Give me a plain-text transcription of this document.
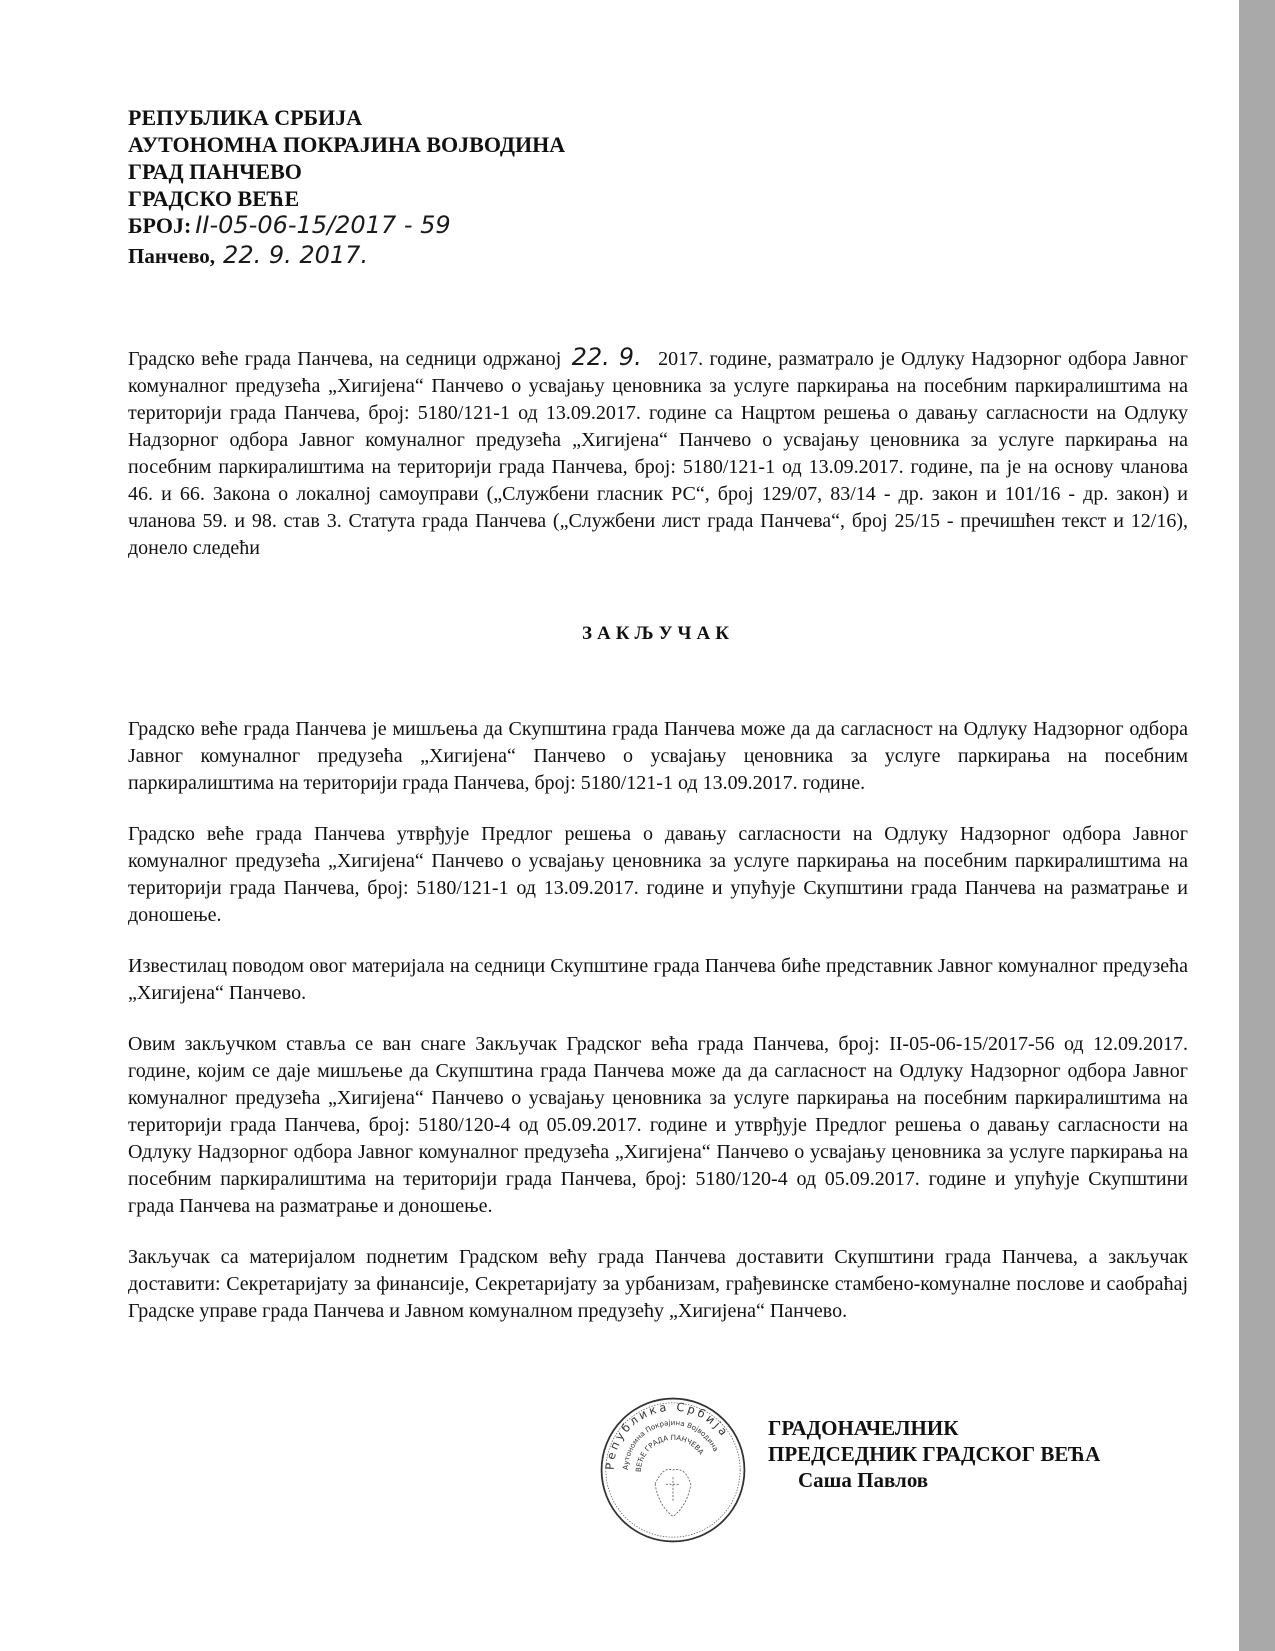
РЕПУБЛИКА СРБИЈА
АУТОНОМНА ПОКРАЈИНА ВОЈВОДИНА
ГРАД ПАНЧЕВО
ГРАДСКО ВЕЋЕ
БРОЈ: II-05-06-15/2017 - 59
Панчево, 22. 9. 2017.
Градско веће града Панчева, на седници одржаној 22. 9. 2017. године, разматрало је Одлуку Надзорног одбора Јавног комуналног предузећа „Хигијена“ Панчево о усвајању ценовника за услуге паркирања на посебним паркиралиштима на територији града Панчева, број: 5180/121-1 од 13.09.2017. године са Нацртом решења о давању сагласности на Одлуку Надзорног одбора Јавног комуналног предузећа „Хигијена“ Панчево о усвајању ценовника за услуге паркирања на посебним паркиралиштима на територији града Панчева, број: 5180/121-1 од 13.09.2017. године, па је на основу чланова 46. и 66. Закона о локалној самоуправи („Службени гласник РС“, број 129/07, 83/14 - др. закон и 101/16 - др. закон) и чланова 59. и 98. став 3. Статута града Панчева („Службени лист града Панчева“, број 25/15 - пречишћен текст и 12/16), донело следећи
ЗАКЉУЧАК
Градско веће града Панчева је мишљења да Скупштина града Панчева може да да сагласност на Одлуку Надзорног одбора Јавног комуналног предузећа „Хигијена“ Панчево о усвајању ценовника за услуге паркирања на посебним паркиралиштима на територији града Панчева, број: 5180/121-1 од 13.09.2017. године.
Градско веће града Панчева утврђује Предлог решења о давању сагласности на Одлуку Надзорног одбора Јавног комуналног предузећа „Хигијена“ Панчево о усвајању ценовника за услуге паркирања на посебним паркиралиштима на територији града Панчева, број: 5180/121-1 од 13.09.2017. године и упућује Скупштини града Панчева на разматрање и доношење.
Известилац поводом овог материјала на седници Скупштине града Панчева биће представник Јавног комуналног предузећа „Хигијена“ Панчево.
Овим закључком ставља се ван снаге Закључак Градског већа града Панчева, број: II-05-06-15/2017-56 од 12.09.2017. године, којим се даје мишљење да Скупштина града Панчева може да да сагласност на Одлуку Надзорног одбора Јавног комуналног предузећа „Хигијена“ Панчево о усвајању ценовника за услуге паркирања на посебним паркиралиштима на територији града Панчева, број: 5180/120-4 од 05.09.2017. године и утврђује Предлог решења о давању сагласности на Одлуку Надзорног одбора Јавног комуналног предузећа „Хигијена“ Панчево о усвајању ценовника за услуге паркирања на посебним паркиралиштима на територији града Панчева, број: 5180/120-4 од 05.09.2017. године и упућује Скупштини града Панчева на разматрање и доношење.
Закључак са материјалом поднетим Градском већу града Панчева доставити Скупштини града Панчева, а закључак доставити: Секретаријату за финансије, Секретаријату за урбанизам, грађевинске стамбено-комуналне послове и саобраћај Градске управе града Панчева и Јавном комуналном предузећу „Хигијена“ Панчево.
Република Србија
Аутономна Покрајина Војводина
ВЕЋЕ ГРАДА ПАНЧЕВА
ГРАДОНАЧЕЛНИК
ПРЕДСЕДНИК ГРАДСКОГ ВЕЋА
Саша Павлов
